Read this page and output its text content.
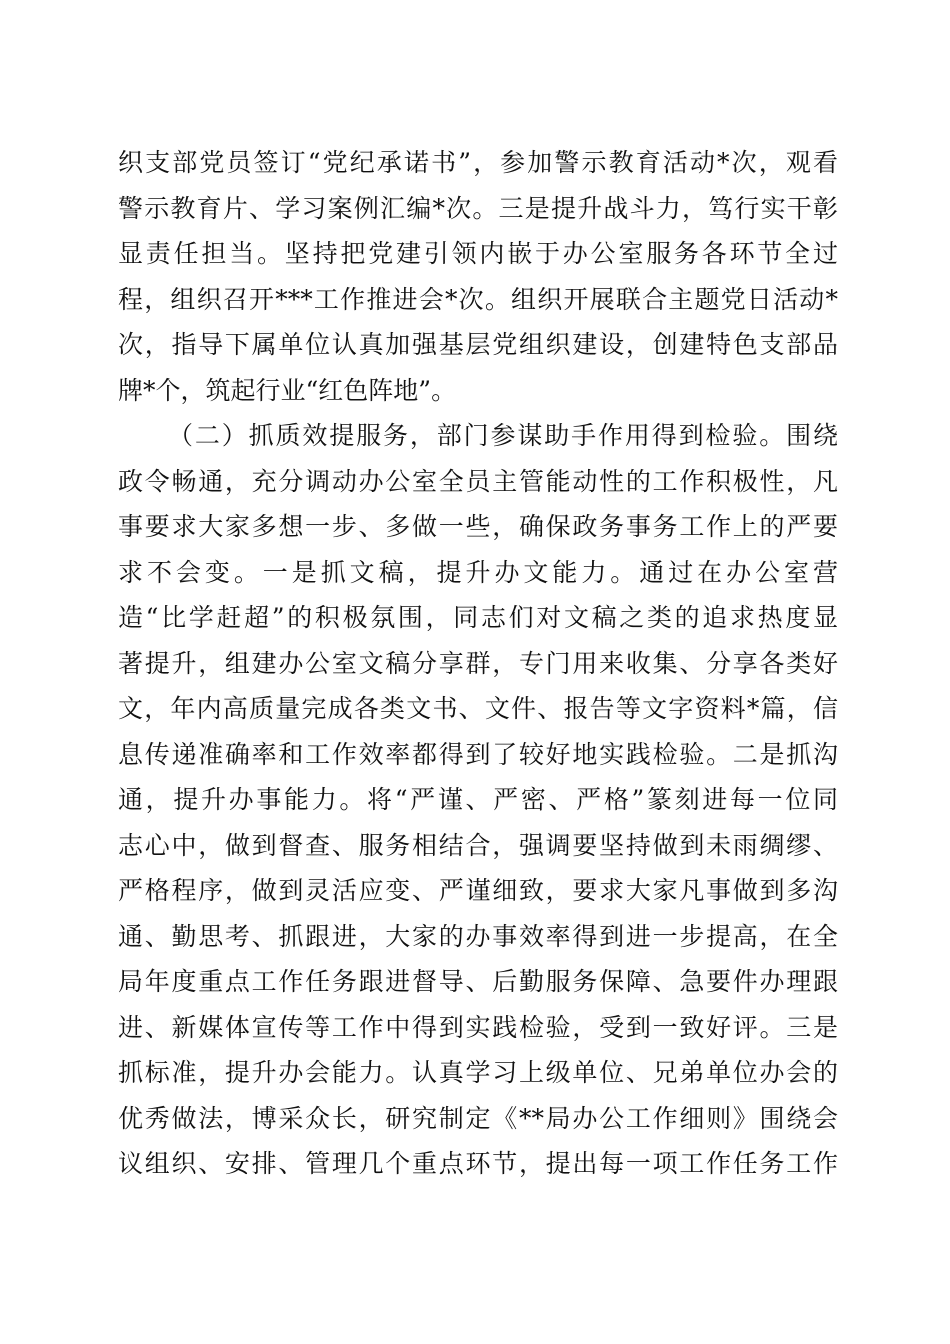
织支部党员签订“党纪承诺书”，参加警示教育活动*次，观看
警示教育片、学习案例汇编*次。三是提升战斗力，笃行实干彰
显责任担当。坚持把党建引领内嵌于办公室服务各环节全过
程，组织召开***工作推进会*次。组织开展联合主题党日活动*
次，指导下属单位认真加强基层党组织建设，创建特色支部品
牌*个，筑起行业“红色阵地”。
（二）抓质效提服务，部门参谋助手作用得到检验。围绕
政令畅通，充分调动办公室全员主管能动性的工作积极性，凡
事要求大家多想一步、多做一些，确保政务事务工作上的严要
求不会变。一是抓文稿，提升办文能力。通过在办公室营
造“比学赶超”的积极氛围，同志们对文稿之类的追求热度显
著提升，组建办公室文稿分享群，专门用来收集、分享各类好
文，年内高质量完成各类文书、文件、报告等文字资料*篇，信
息传递准确率和工作效率都得到了较好地实践检验。二是抓沟
通，提升办事能力。将“严谨、严密、严格”篆刻进每一位同
志心中，做到督查、服务相结合，强调要坚持做到未雨绸缪、
严格程序，做到灵活应变、严谨细致，要求大家凡事做到多沟
通、勤思考、抓跟进，大家的办事效率得到进一步提高，在全
局年度重点工作任务跟进督导、后勤服务保障、急要件办理跟
进、新媒体宣传等工作中得到实践检验，受到一致好评。三是
抓标准，提升办会能力。认真学习上级单位、兄弟单位办会的
优秀做法，博采众长，研究制定《**局办公工作细则》围绕会
议组织、安排、管理几个重点环节，提出每一项工作任务工作
